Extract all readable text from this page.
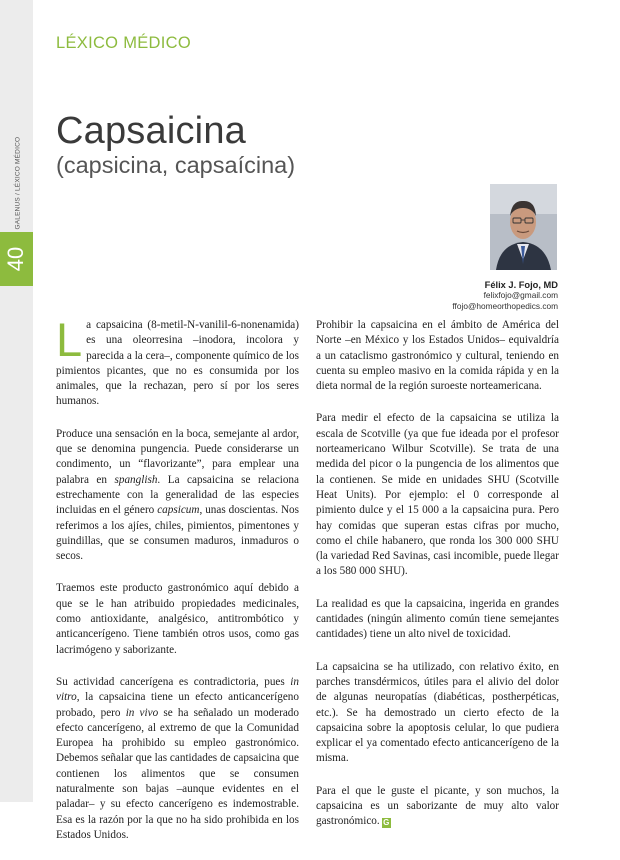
GALENUS / LÉXICO MÉDICO
40
LÉXICO MÉDICO
Capsaicina
(capsicina, capsaícina)
Félix J. Fojo, MD
felixfojo@gmail.com
ffojo@homeorthopedics.com

La capsaicina (8-metil-N-vanilil-6-nonenamida) es una oleorresina –inodora, incolora y parecida a la cera–, componente químico de los pimientos picantes, que no es consumida por los animales, que la rechazan, pero sí por los seres humanos.

Produce una sensación en la boca, semejante al ardor, que se denomina pungencia. Puede considerarse un condimento, un “flavorizante”, para emplear una palabra en spanglish. La capsaicina se relaciona estrechamente con la generalidad de las especies incluidas en el género capsicum, unas doscientas. Nos referimos a los ajíes, chiles, pimientos, pimentones y guindillas, que se consumen maduros, inmaduros o secos.

Traemos este producto gastronómico aquí debido a que se le han atribuido propiedades medicinales, como antioxidante, analgésico, antitrombótico y anticancerígeno. Tiene también otros usos, como gas lacrimógeno y saborizante.

Su actividad cancerígena es contradictoria, pues in vitro, la capsaicina tiene un efecto anticancerígeno probado, pero in vivo se ha señalado un moderado efecto cancerígeno, al extremo de que la Comunidad Europea ha prohibido su empleo gastronómico. Debemos señalar que las cantidades de capsaicina que contienen los alimentos que se consumen naturalmente son bajas –aunque evidentes en el paladar– y su efecto cancerígeno es indemostrable. Esa es la razón por la que no ha sido prohibida en los Estados Unidos.

Prohibir la capsaicina en el ámbito de América del Norte –en México y los Estados Unidos– equivaldría a un cataclismo gastronómico y cultural, teniendo en cuenta su empleo masivo en la comida rápida y en la dieta normal de la región suroeste norteamericana.

Para medir el efecto de la capsaicina se utiliza la escala de Scotville (ya que fue ideada por el profesor norteamericano Wilbur Scotville). Se trata de una medida del picor o la pungencia de los alimentos que la contienen. Se mide en unidades SHU (Scotville Heat Units). Por ejemplo: el 0 corresponde al pimiento dulce y el 15 000 a la capsaicina pura. Pero hay comidas que superan estas cifras por mucho, como el chile habanero, que ronda los 300 000 SHU (la variedad Red Savinas, casi incomible, puede llegar a los 580 000 SHU).

La realidad es que la capsaicina, ingerida en grandes cantidades (ningún alimento común tiene semejantes cantidades) tiene un alto nivel de toxicidad.

La capsaicina se ha utilizado, con relativo éxito, en parches transdérmicos, útiles para el alivio del dolor de algunas neuropatías (diabéticas, postherpéticas, etc.). Se ha demostrado un cierto efecto de la capsaicina sobre la apoptosis celular, lo que pudiera explicar el ya comentado efecto anticancerígeno de la misma.

Para el que le guste el picante, y son muchos, la capsaicina es un saborizante de muy alto valor gastronómico. G
